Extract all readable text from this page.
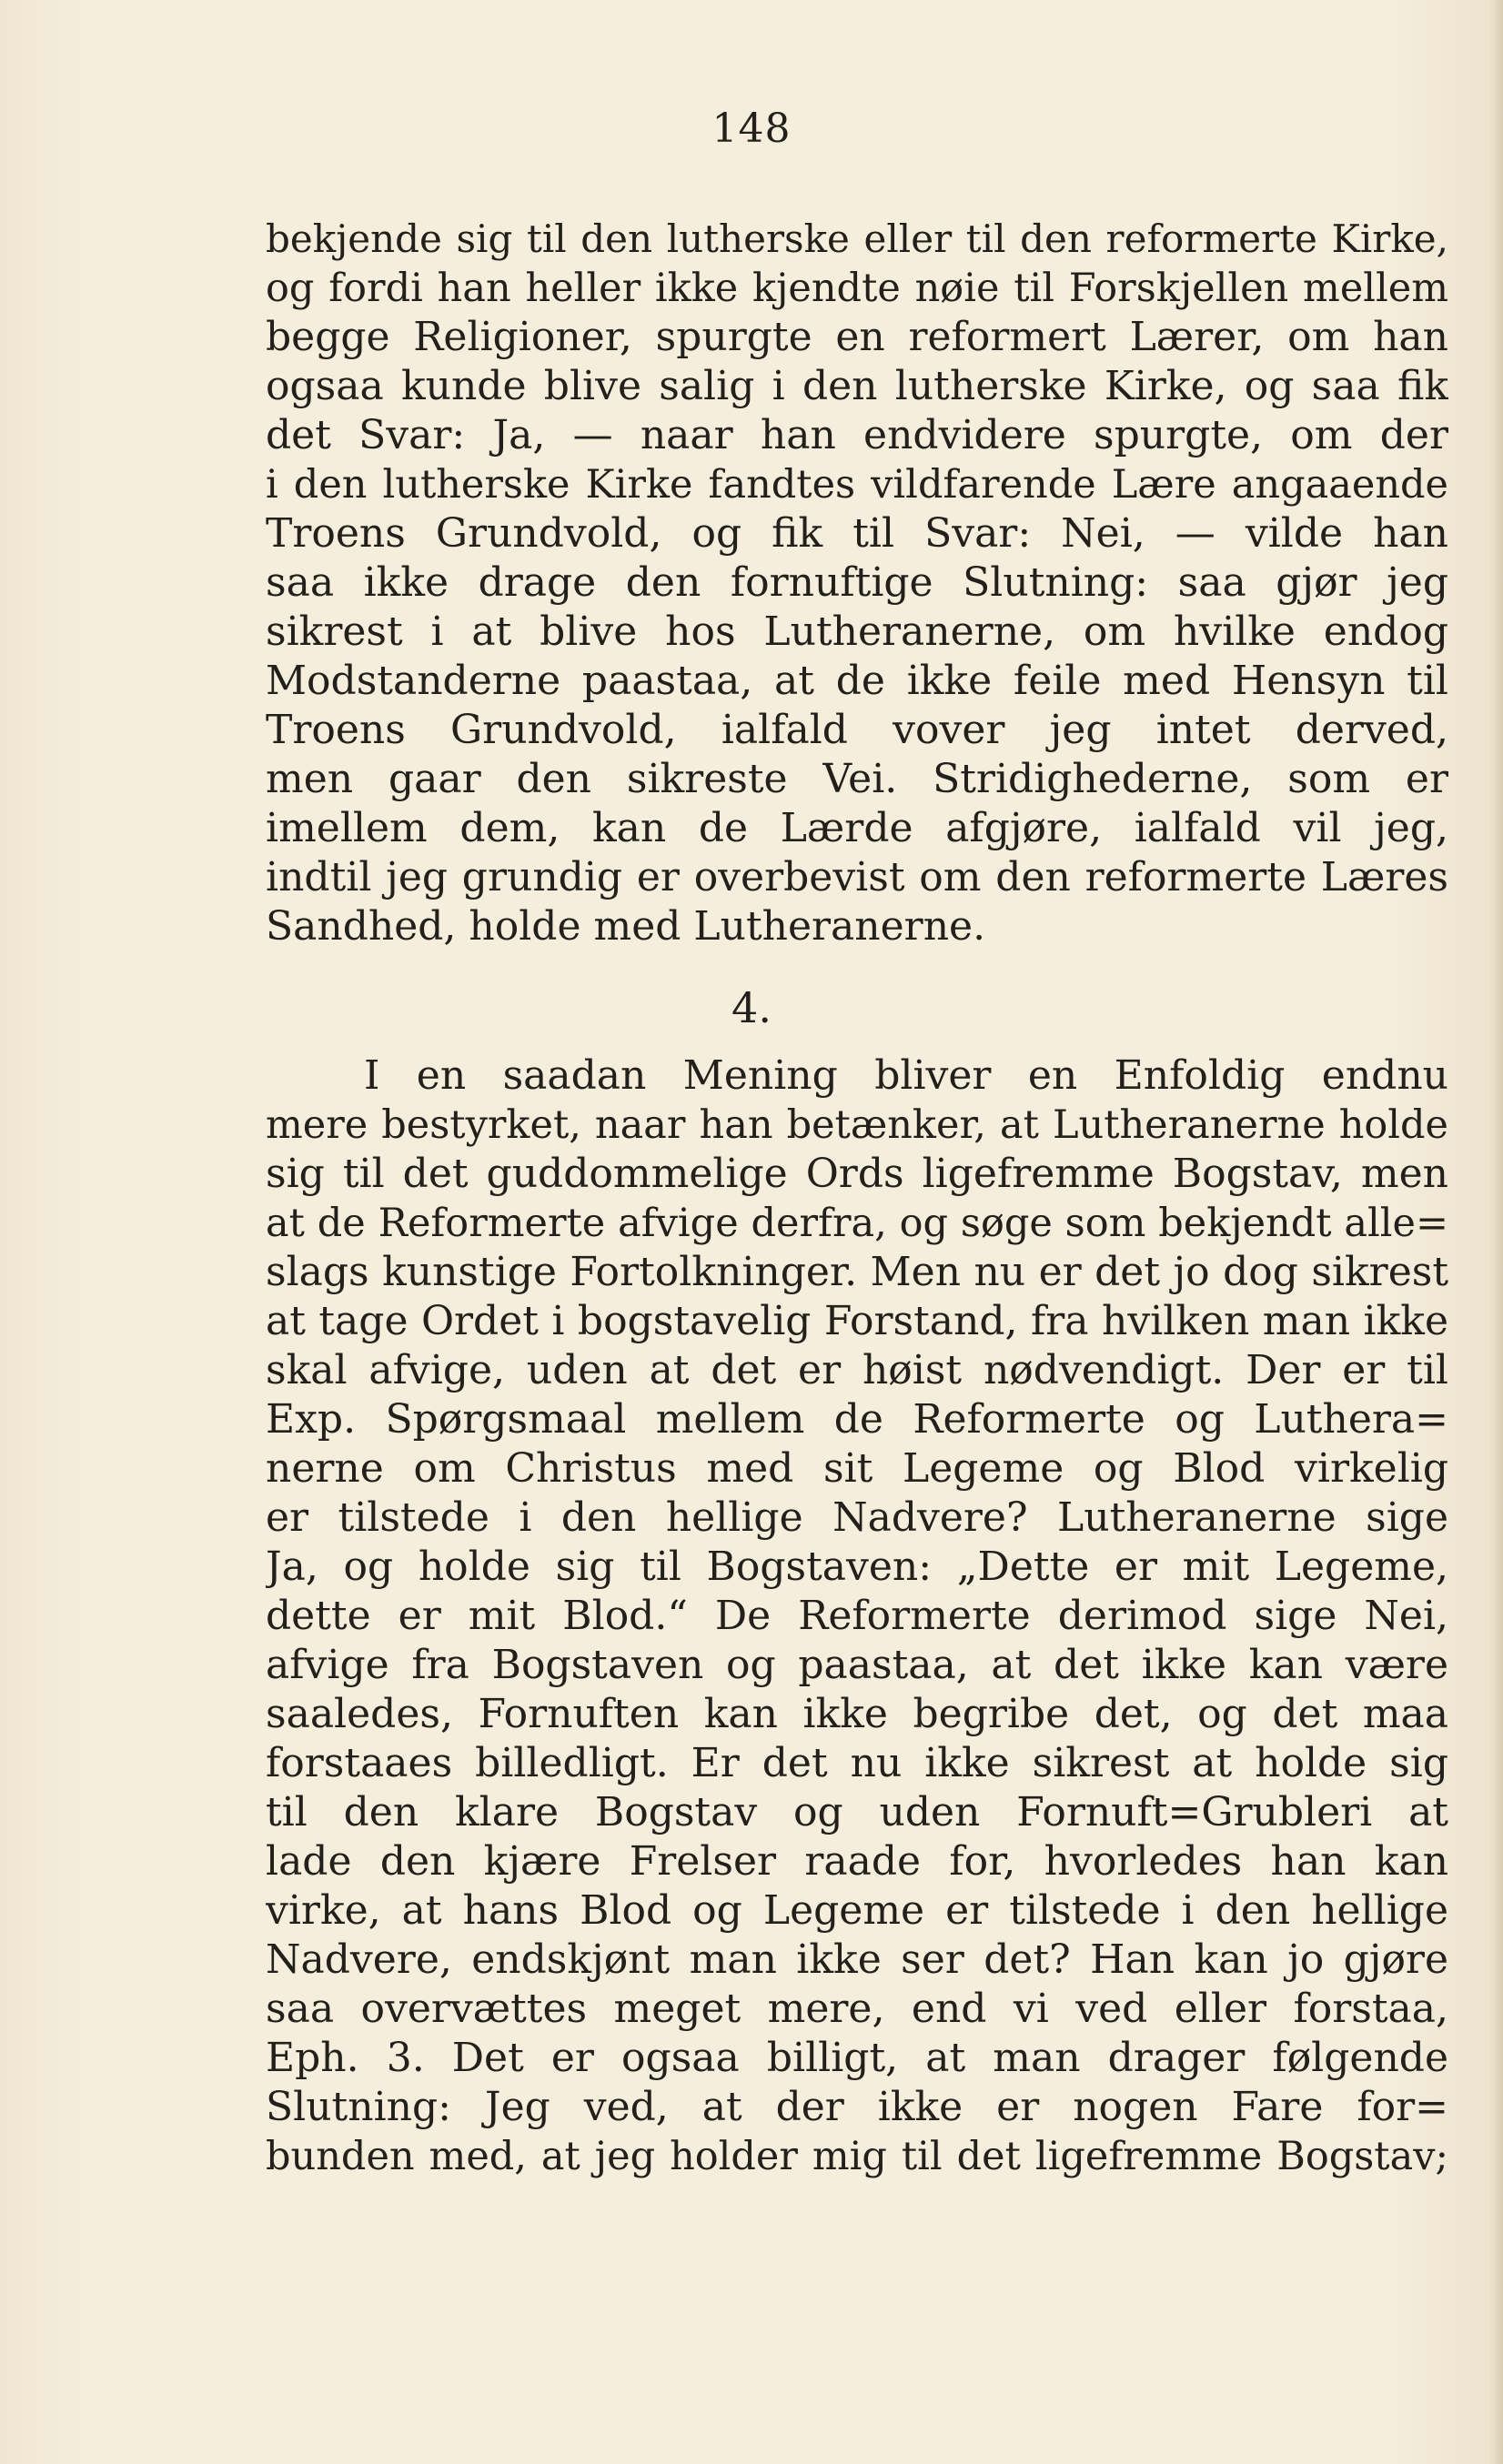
148
bekjende sig til den lutherske eller til den reformerte Kirke,
og fordi han heller ikke kjendte nøie til Forskjellen mellem
begge Religioner, spurgte en reformert Lærer, om han
ogsaa kunde blive salig i den lutherske Kirke, og saa fik
det Svar: Ja, — naar han endvidere spurgte, om der
i den lutherske Kirke fandtes vildfarende Lære angaaende
Troens Grundvold, og fik til Svar: Nei, — vilde han
saa ikke drage den fornuftige Slutning: saa gjør jeg
sikrest i at blive hos Lutheranerne, om hvilke endog
Modstanderne paastaa, at de ikke feile med Hensyn til
Troens Grundvold, ialfald vover jeg intet derved,
men gaar den sikreste Vei. Stridighederne, som er
imellem dem, kan de Lærde afgjøre, ialfald vil jeg,
indtil jeg grundig er overbevist om den reformerte Læres
Sandhed, holde med Lutheranerne.
4.
I en saadan Mening bliver en Enfoldig endnu
mere bestyrket, naar han betænker, at Lutheranerne holde
sig til det guddommelige Ords ligefremme Bogstav, men
at de Reformerte afvige derfra, og søge som bekjendt alle=
slags kunstige Fortolkninger. Men nu er det jo dog sikrest
at tage Ordet i bogstavelig Forstand, fra hvilken man ikke
skal afvige, uden at det er høist nødvendigt. Der er til
Exp. Spørgsmaal mellem de Reformerte og Luthera=
nerne om Christus med sit Legeme og Blod virkelig
er tilstede i den hellige Nadvere? Lutheranerne sige
Ja, og holde sig til Bogstaven: „Dette er mit Legeme,
dette er mit Blod.“ De Reformerte derimod sige Nei,
afvige fra Bogstaven og paastaa, at det ikke kan være
saaledes, Fornuften kan ikke begribe det, og det maa
forstaaes billedligt. Er det nu ikke sikrest at holde sig
til den klare Bogstav og uden Fornuft=Grubleri at
lade den kjære Frelser raade for, hvorledes han kan
virke, at hans Blod og Legeme er tilstede i den hellige
Nadvere, endskjønt man ikke ser det? Han kan jo gjøre
saa overvættes meget mere, end vi ved eller forstaa,
Eph. 3. Det er ogsaa billigt, at man drager følgende
Slutning: Jeg ved, at der ikke er nogen Fare for=
bunden med, at jeg holder mig til det ligefremme Bogstav;
